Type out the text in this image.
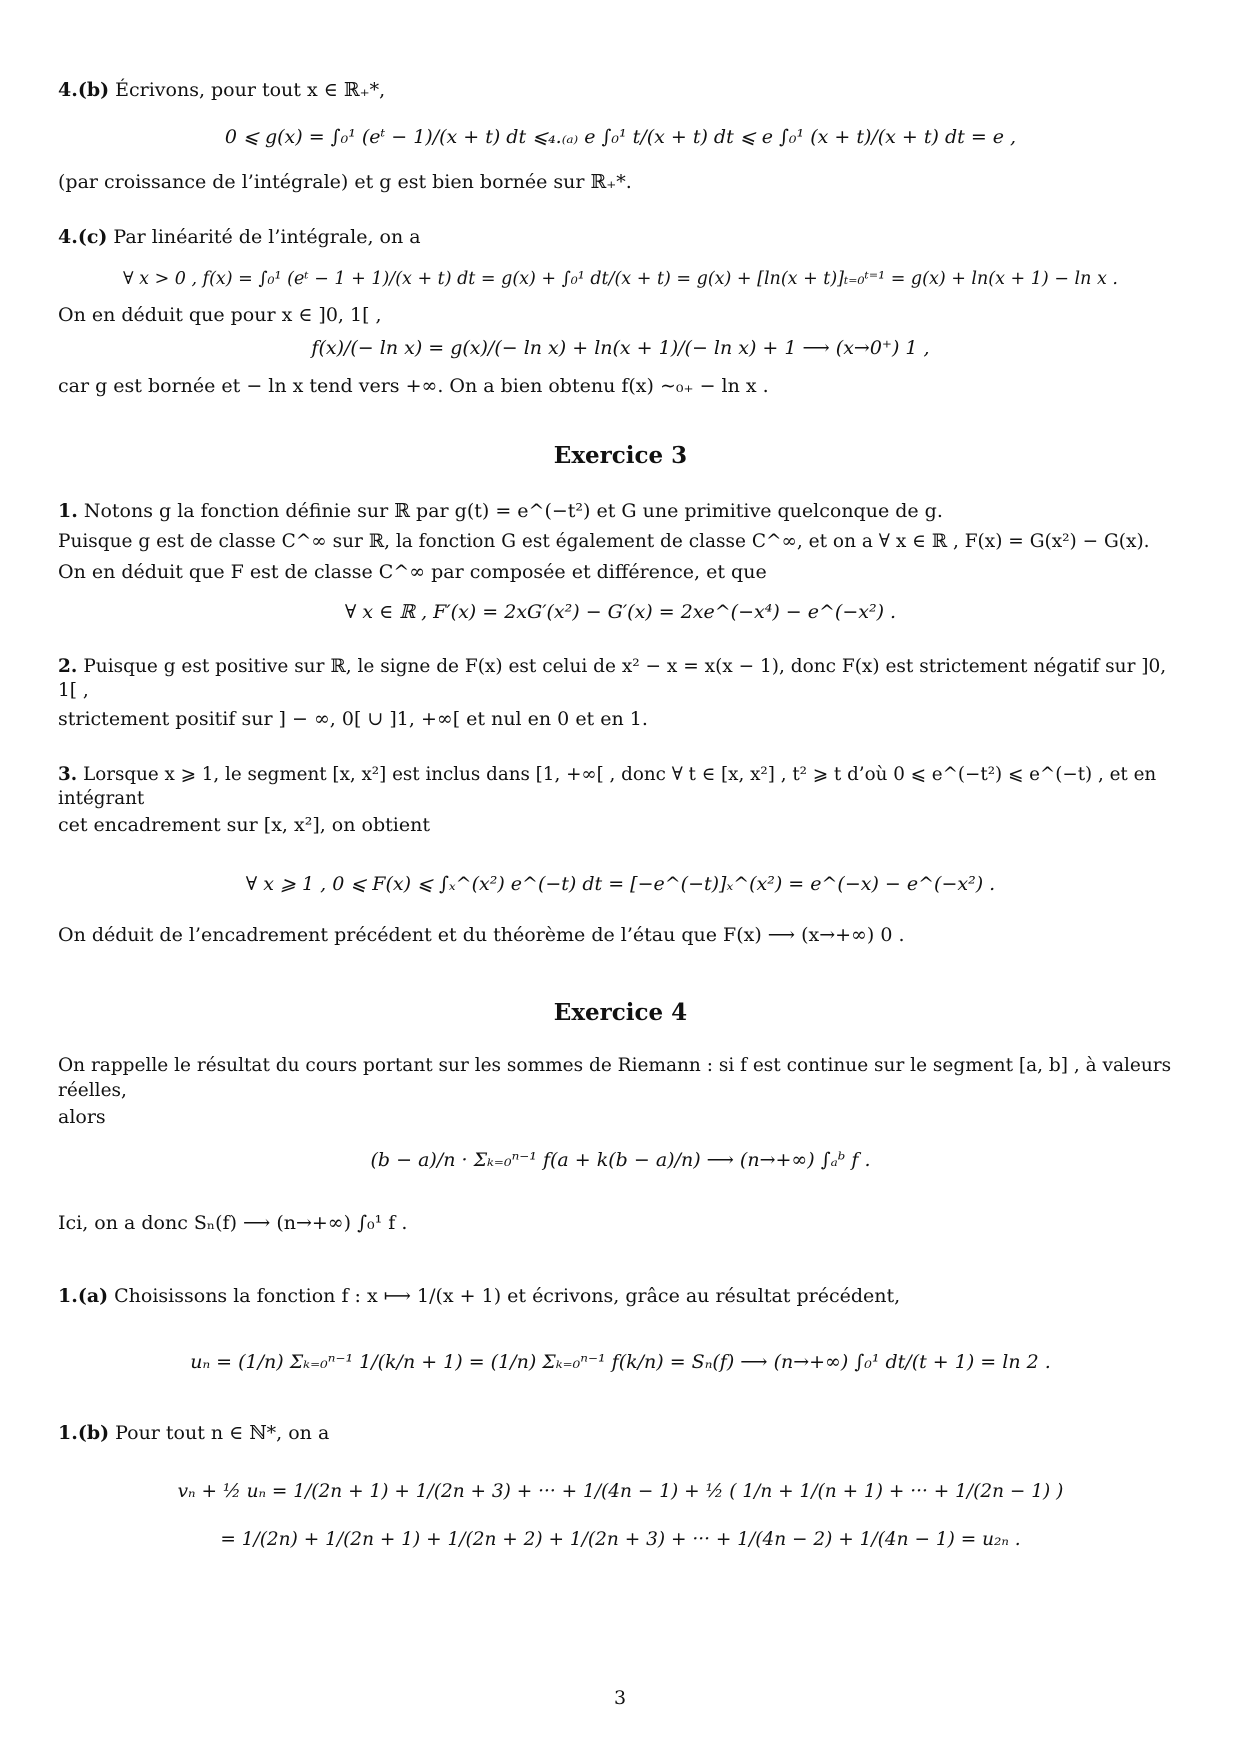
4.(b) Écrivons, pour tout x ∈ ℝ₊*,

0 ⩽ g(x) = ∫₀¹ (eᵗ − 1)/(x + t) dt ⩽₄.₍ₐ₎ e ∫₀¹ t/(x + t) dt ⩽ e ∫₀¹ (x + t)/(x + t) dt = e ,

(par croissance de l’intégrale) et g est bien bornée sur ℝ₊*.

4.(c) Par linéarité de l’intégrale, on a

∀ x > 0 , f(x) = ∫₀¹ (eᵗ − 1 + 1)/(x + t) dt = g(x) + ∫₀¹ dt/(x + t) = g(x) + [ln(x + t)]ₜ₌₀ᵗ⁼¹ = g(x) + ln(x + 1) − ln x .

On en déduit que pour x ∈ ]0, 1[ ,

f(x)/(− ln x) = g(x)/(− ln x) + ln(x + 1)/(− ln x) + 1 ⟶ (x→0⁺) 1 ,

car g est bornée et − ln x tend vers +∞. On a bien obtenu f(x) ∼₀₊ − ln x .

Exercice 3

1. Notons g la fonction définie sur ℝ par g(t) = e^(−t²) et G une primitive quelconque de g.

Puisque g est de classe C^∞ sur ℝ, la fonction G est également de classe C^∞, et on a ∀ x ∈ ℝ , F(x) = G(x²) − G(x).

On en déduit que F est de classe C^∞ par composée et différence, et que

∀ x ∈ ℝ , F′(x) = 2xG′(x²) − G′(x) = 2xe^(−x⁴) − e^(−x²) .

2. Puisque g est positive sur ℝ, le signe de F(x) est celui de x² − x = x(x − 1), donc F(x) est strictement négatif sur ]0, 1[ ,

strictement positif sur ] − ∞, 0[ ∪ ]1, +∞[ et nul en 0 et en 1.

3. Lorsque x ⩾ 1, le segment [x, x²] est inclus dans [1, +∞[ , donc ∀ t ∈ [x, x²] , t² ⩾ t d’où 0 ⩽ e^(−t²) ⩽ e^(−t) , et en intégrant

cet encadrement sur [x, x²], on obtient

∀ x ⩾ 1 , 0 ⩽ F(x) ⩽ ∫ₓ^(x²) e^(−t) dt = [−e^(−t)]ₓ^(x²) = e^(−x) − e^(−x²) .

On déduit de l’encadrement précédent et du théorème de l’étau que F(x) ⟶ (x→+∞) 0 .

Exercice 4

On rappelle le résultat du cours portant sur les sommes de Riemann : si f est continue sur le segment [a, b] , à valeurs réelles,

alors

(b − a)/n · Σₖ₌₀ⁿ⁻¹ f(a + k(b − a)/n) ⟶ (n→+∞) ∫ₐᵇ f .

Ici, on a donc Sₙ(f) ⟶ (n→+∞) ∫₀¹ f .

1.(a) Choisissons la fonction f : x ⟼ 1/(x + 1) et écrivons, grâce au résultat précédent,

uₙ = (1/n) Σₖ₌₀ⁿ⁻¹ 1/(k/n + 1) = (1/n) Σₖ₌₀ⁿ⁻¹ f(k/n) = Sₙ(f) ⟶ (n→+∞) ∫₀¹ dt/(t + 1) = ln 2 .

1.(b) Pour tout n ∈ ℕ*, on a

vₙ + ½ uₙ = 1/(2n + 1) + 1/(2n + 3) + ··· + 1/(4n − 1) + ½ ( 1/n + 1/(n + 1) + ··· + 1/(2n − 1) )

= 1/(2n) + 1/(2n + 1) + 1/(2n + 2) + 1/(2n + 3) + ··· + 1/(4n − 2) + 1/(4n − 1) = u₂ₙ .

3
